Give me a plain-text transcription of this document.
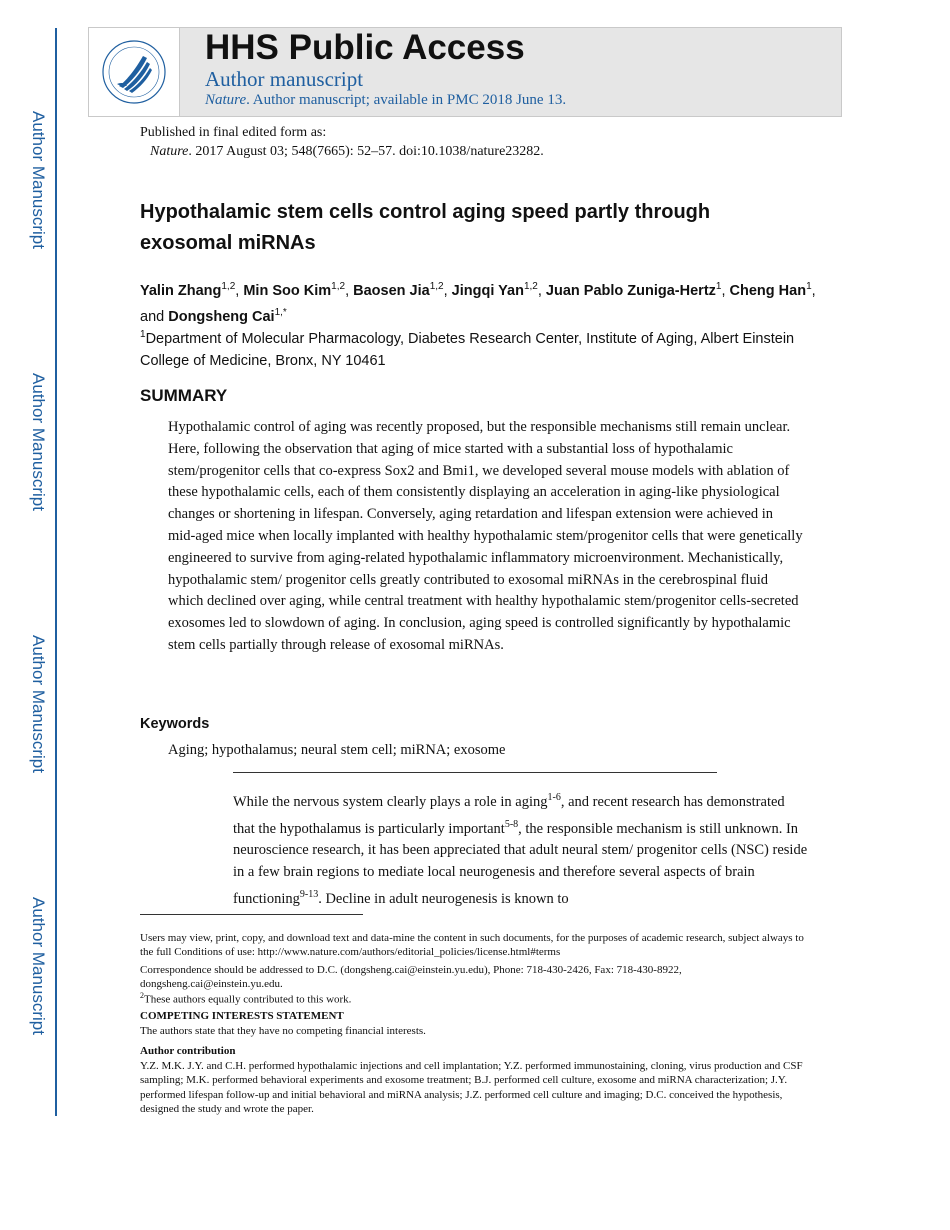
Author Manuscript
Author Manuscript
Author Manuscript
Author Manuscript
HHS Public Access
Author manuscript
Nature. Author manuscript; available in PMC 2018 June 13.
Published in final edited form as:
Nature. 2017 August 03; 548(7665): 52–57. doi:10.1038/nature23282.
Hypothalamic stem cells control aging speed partly through exosomal miRNAs
Yalin Zhang$^{1,2}$, Min Soo Kim$^{1,2}$, Baosen Jia$^{1,2}$, Jingqi Yan$^{1,2}$, Juan Pablo Zuniga-Hertz$^1$, Cheng Han$^1$, and Dongsheng Cai$^{1,*}$
$^1$Department of Molecular Pharmacology, Diabetes Research Center, Institute of Aging, Albert Einstein College of Medicine, Bronx, NY 10461
SUMMARY
Hypothalamic control of aging was recently proposed, but the responsible mechanisms still remain unclear. Here, following the observation that aging of mice started with a substantial loss of hypothalamic stem/progenitor cells that co-express Sox2 and Bmi1, we developed several mouse models with ablation of these hypothalamic cells, each of them consistently displaying an acceleration in aging-like physiological changes or shortening in lifespan. Conversely, aging retardation and lifespan extension were achieved in mid-aged mice when locally implanted with healthy hypothalamic stem/progenitor cells that were genetically engineered to survive from aging-related hypothalamic inflammatory microenvironment. Mechanistically, hypothalamic stem/ progenitor cells greatly contributed to exosomal miRNAs in the cerebrospinal fluid which declined over aging, while central treatment with healthy hypothalamic stem/progenitor cells-secreted exosomes led to slowdown of aging. In conclusion, aging speed is controlled significantly by hypothalamic stem cells partially through release of exosomal miRNAs.
Keywords
Aging; hypothalamus; neural stem cell; miRNA; exosome
While the nervous system clearly plays a role in aging$^{1-6}$, and recent research has demonstrated that the hypothalamus is particularly important$^{5-8}$, the responsible mechanism is still unknown. In neuroscience research, it has been appreciated that adult neural stem/ progenitor cells (NSC) reside in a few brain regions to mediate local neurogenesis and therefore several aspects of brain functioning$^{9-13}$. Decline in adult neurogenesis is known to
Users may view, print, copy, and download text and data-mine the content in such documents, for the purposes of academic research, subject always to the full Conditions of use: http://www.nature.com/authors/editorial_policies/license.html#terms
Correspondence should be addressed to D.C. (dongsheng.cai@einstein.yu.edu), Phone: 718-430-2426, Fax: 718-430-8922, dongsheng.cai@einstein.yu.edu.
$^2$These authors equally contributed to this work.
COMPETING INTERESTS STATEMENT
The authors state that they have no competing financial interests.
Author contribution
Y.Z. M.K. J.Y. and C.H. performed hypothalamic injections and cell implantation; Y.Z. performed immunostaining, cloning, virus production and CSF sampling; M.K. performed behavioral experiments and exosome treatment; B.J. performed cell culture, exosome and miRNA characterization; J.Y. performed lifespan follow-up and initial behavioral and miRNA analysis; J.Z. performed cell culture and imaging; D.C. conceived the hypothesis, designed the study and wrote the paper.
